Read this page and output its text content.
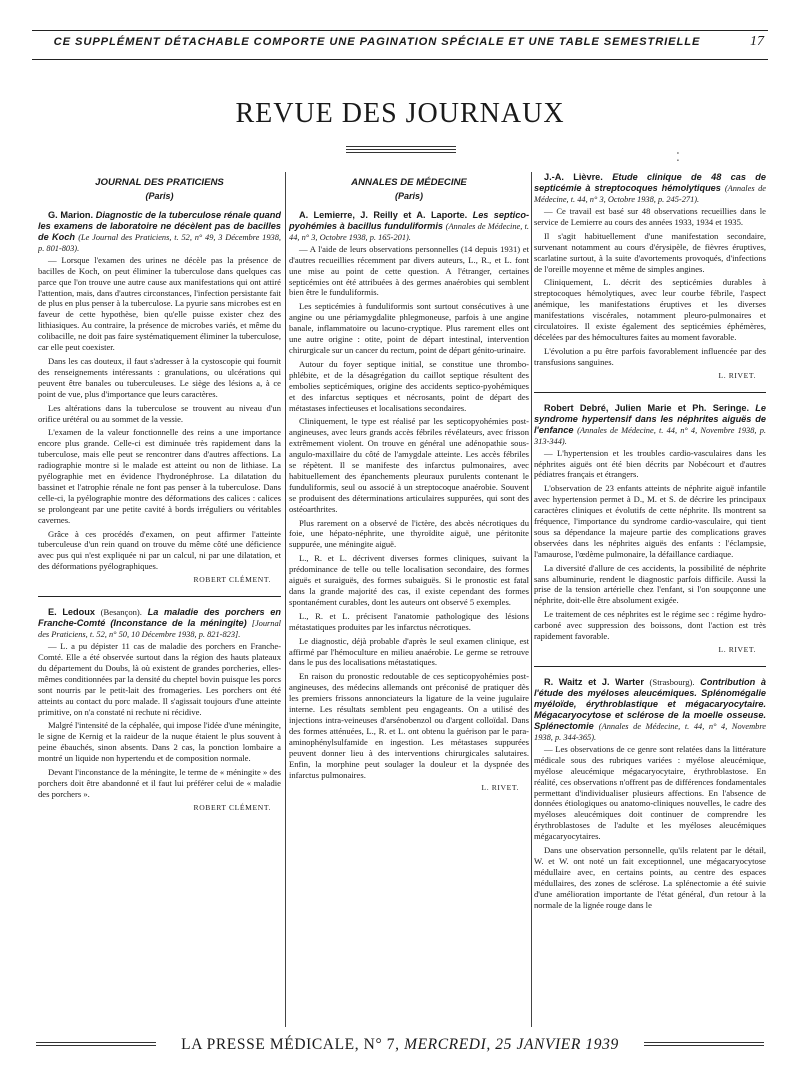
CE SUPPLÉMENT DÉTACHABLE COMPORTE UNE PAGINATION SPÉCIALE ET UNE TABLE SEMESTRIELLE	17
REVUE DES JOURNAUX
⁚
JOURNAL DES PRATICIENS
(Paris)
G. Marion. Diagnostic de la tuberculose rénale quand les examens de laboratoire ne décèlent pas de bacilles de Koch (Le Journal des Praticiens, t. 52, n° 49, 3 Décembre 1938, p. 801-803).

— Lorsque l'examen des urines ne décèle pas la présence de bacilles de Koch, on peut éliminer la tuberculose dans quelques cas parce que l'on trouve une autre cause aux manifestations qui ont attiré l'attention, mais, dans d'autres circonstances, l'infection persistante fait de plus en plus penser à la tuberculose. La pyurie sans microbes est en faveur de cette hypothèse, bien qu'elle puisse exister chez des lithiasiques. Au contraire, la présence de microbes variés, et même du colibacille, ne doit pas faire systématiquement éliminer la tuberculose, car elle peut coexister.

Dans les cas douteux, il faut s'adresser à la cystoscopie qui fournit des renseignements intéressants : granulations, ou ulcérations qui peuvent être banales ou tuberculeuses. Le siège des lésions a, à ce point de vue, plus d'importance que leurs caractères.

Les altérations dans la tuberculose se trouvent au niveau d'un orifice urétéral ou au sommet de la vessie.

L'examen de la valeur fonctionnelle des reins a une importance encore plus grande. Celle-ci est diminuée très rapidement dans la tuberculose, mais elle peut se rencontrer dans d'autres affections. La radiographie montre si le malade est atteint ou non de lithiase. La pyélographie met en évidence l'hydronéphrose. La dilatation du bassinet et l'atrophie rénale ne font pas penser à la tuberculose. Dans celle-ci, la pyélographie montre des déformations des calices : calices se prolongeant par une petite cavité à bords irréguliers ou véritables cavernes.

Grâce à ces procédés d'examen, on peut affirmer l'atteinte tuberculeuse d'un rein quand on trouve du même côté une déficience avec pus qui n'est expliquée ni par un calcul, ni par une dilatation, et des déformations pyélographiques.

ROBERT CLÉMENT.
E. Ledoux (Besançon). La maladie des porchers en Franche-Comté (Inconstance de la méningite) [Journal des Praticiens, t. 52, n° 50, 10 Décembre 1938, p. 821-823].

— L. a pu dépister 11 cas de maladie des porchers en Franche-Comté. Elle a été observée surtout dans la région des hauts plateaux du département du Doubs, là où existent de grandes porcheries, elles-mêmes conditionnées par la densité du cheptel bovin puisque les porcs sont nourris par le petit-lait des fromageries. Les porchers ont été atteints au contact du porc malade. Il s'agissait toujours d'une atteinte primitive, on n'a constaté ni rechute ni récidive.

Malgré l'intensité de la céphalée, qui impose l'idée d'une méningite, le signe de Kernig et la raideur de la nuque étaient le plus souvent à peine ébauchés, sinon absents. Dans 2 cas, la ponction lombaire a montré un liquide non hypertendu et de composition normale.

Devant l'inconstance de la méningite, le terme de « méningite » des porchers doit être abandonné et il faut lui préférer celui de « maladie des porchers ».

ROBERT CLÉMENT.
ANNALES DE MÉDECINE
(Paris)
A. Lemierre, J. Reilly et A. Laporte. Les septico-pyohémies à bacillus funduliformis (Annales de Médecine, t. 44, n° 3, Octobre 1938, p. 165-201).

— A l'aide de leurs observations personnelles (14 depuis 1931) et d'autres recueillies récemment par divers auteurs, L., R., et L. font une mise au point de cette question. A l'étranger, certaines septicémies ont été attribuées à des germes anaérobies qui semblent bien être le funduliformis.

Les septicémies à funduliformis sont surtout consécutives à une angine ou une périamygdalite phlegmoneuse, parfois à une angine banale, inflammatoire ou lacuno-cryptique. Plus rarement elles ont une autre origine : otite, point de départ intestinal, intervention chirurgicale sur un cancer du rectum, point de départ génito-urinaire.

Autour du foyer septique initial, se constitue une thrombo-phlébite, et de la désagrégation du caillot septique résultent des embolies septicémiques, origine des accidents septico-pyohémiques et des infarctus septiques et nécrosants, point de départ des métastases infectieuses et localisations secondaires.

Cliniquement, le type est réalisé par les septicopyohémies post-angineuses, avec leurs grands accès fébriles révélateurs, avec frisson extrêmement violent. On trouve en général une adénopathie sous-angulo-maxillaire du côté de l'amygdale atteinte. Les accès fébriles se répètent. Il se manifeste des infarctus pulmonaires, avec habituellement des épanchements pleuraux purulents contenant le funduliformis, seul ou associé à un streptocoque anaérobie. Souvent se produisent des déterminations articulaires suppurées, qui sont des ostéoarthrites.

Plus rarement on a observé de l'ictère, des abcès nécrotiques du foie, une hépato-néphrite, une thyroïdite aiguë, une péritonite suppurée, une méningite aiguë.

L., R. et L. décrivent diverses formes cliniques, suivant la prédominance de telle ou telle localisation secondaire, des formes aiguës et suraiguës, des formes subaiguës. Si le pronostic est fatal dans la grande majorité des cas, il existe cependant des formes spontanément curables, dont les auteurs ont observé 5 exemples.

L., R. et L. précisent l'anatomie pathologique des lésions métastatiques produites par les infarctus nécrotiques.

Le diagnostic, déjà probable d'après le seul examen clinique, est affirmé par l'hémoculture en milieu anaérobie. Le germe se retrouve dans le pus des localisations métastatiques.

En raison du pronostic redoutable de ces septicopyohémies post-angineuses, des médecins allemands ont préconisé de pratiquer dès les premiers frissons annonciateurs la ligature de la veine jugulaire interne. Les résultats semblent peu engageants. On a utilisé des injections intra-veineuses d'arsénobenzol ou d'argent colloïdal. Dans des formes atténuées, L., R. et L. ont obtenu la guérison par le para-aminophénylsulfamide en ingestion. Les métastases suppurées peuvent donner lieu à des interventions chirurgicales salutaires. Enfin, la morphine peut soulager la douleur et la dyspnée des infarctus pulmonaires.

L. RIVET.
J.-A. Lièvre. Etude clinique de 48 cas de septicémie à streptocoques hémolytiques (Annales de Médecine, t. 44, n° 3, Octobre 1938, p. 245-271).

— Ce travail est basé sur 48 observations recueillies dans le service de Lemierre au cours des années 1933, 1934 et 1935.

Il s'agit habituellement d'une manifestation secondaire, survenant notamment au cours d'érysipèle, de fièvres éruptives, scarlatine surtout, à la suite d'avortements provoqués, d'infections de l'oreille moyenne et même de simples angines.

Cliniquement, L. décrit des septicémies durables à streptocoques hémolytiques, avec leur courbe fébrile, l'aspect anémique, les manifestations éruptives et les diverses manifestations viscérales, notamment pleuro-pulmonaires et circulatoires. Il existe également des septicémies éphémères, décelées par des hémocultures faites au moment favorable.

L'évolution a pu être parfois favorablement influencée par des transfusions sanguines.

L. RIVET.
Robert Debré, Julien Marie et Ph. Seringe. Le syndrome hypertensif dans les néphrites aiguës de l'enfance (Annales de Médecine, t. 44, n° 4, Novembre 1938, p. 313-344).

— L'hypertension et les troubles cardio-vasculaires dans les néphrites aiguës ont été bien décrits par Nobécourt et d'autres pédiatres français et étrangers.

L'observation de 23 enfants atteints de néphrite aiguë infantile avec hypertension permet à D., M. et S. de décrire les principaux caractères cliniques et évolutifs de cette néphrite. Ils montrent sa fréquence, l'importance du syndrome cardio-vasculaire, qui tient sous sa dépendance la majeure partie des complications graves observées dans les néphrites aiguës des enfants : l'éclampsie, l'amaurose, l'œdème pulmonaire, la défaillance cardiaque.

La diversité d'allure de ces accidents, la possibilité de néphrite sans albuminurie, rendent le diagnostic parfois difficile. Aussi la prise de la tension artérielle chez l'enfant, si l'on soupçonne une néphrite, doit-elle être absolument exigée.

Le traitement de ces néphrites est le régime sec : régime hydro-carboné avec suppression des boissons, dont l'action est très rapidement favorable.

L. RIVET.
R. Waitz et J. Warter (Strasbourg). Contribution à l'étude des myéloses aleucémiques. Splénomégalie myéloïde, érythroblastique et mégacaryocytaire. Mégacaryocytose et sclérose de la moelle osseuse. Splénectomie (Annales de Médecine, t. 44, n° 4, Novembre 1938, p. 344-365).

— Les observations de ce genre sont relatées dans la littérature médicale sous des rubriques variées : myélose aleucémique, myélose aleucémique mégacaryocytaire, érythroblastose. En réalité, ces observations n'offrent pas de différences fondamentales permettant d'individualiser plusieurs affections. En l'absence de données étiologiques ou anatomo-cliniques nouvelles, le cadre des myéloses aleucémiques doit continuer de comprendre les érythroblastoses de l'adulte et les myéloses aleucémiques mégacaryocytaires.

Dans une observation personnelle, qu'ils relatent par le détail, W. et W. ont noté un fait exceptionnel, une mégacaryocytose médullaire avec, en certains points, au centre des espaces médullaires, des zones de sclérose. La splénectomie a été suivie d'une amélioration importante de l'état général, d'un retour à la normale de la lignée rouge dans le

LA PRESSE MÉDICALE, N° 7, MERCREDI, 25 JANVIER 1939
